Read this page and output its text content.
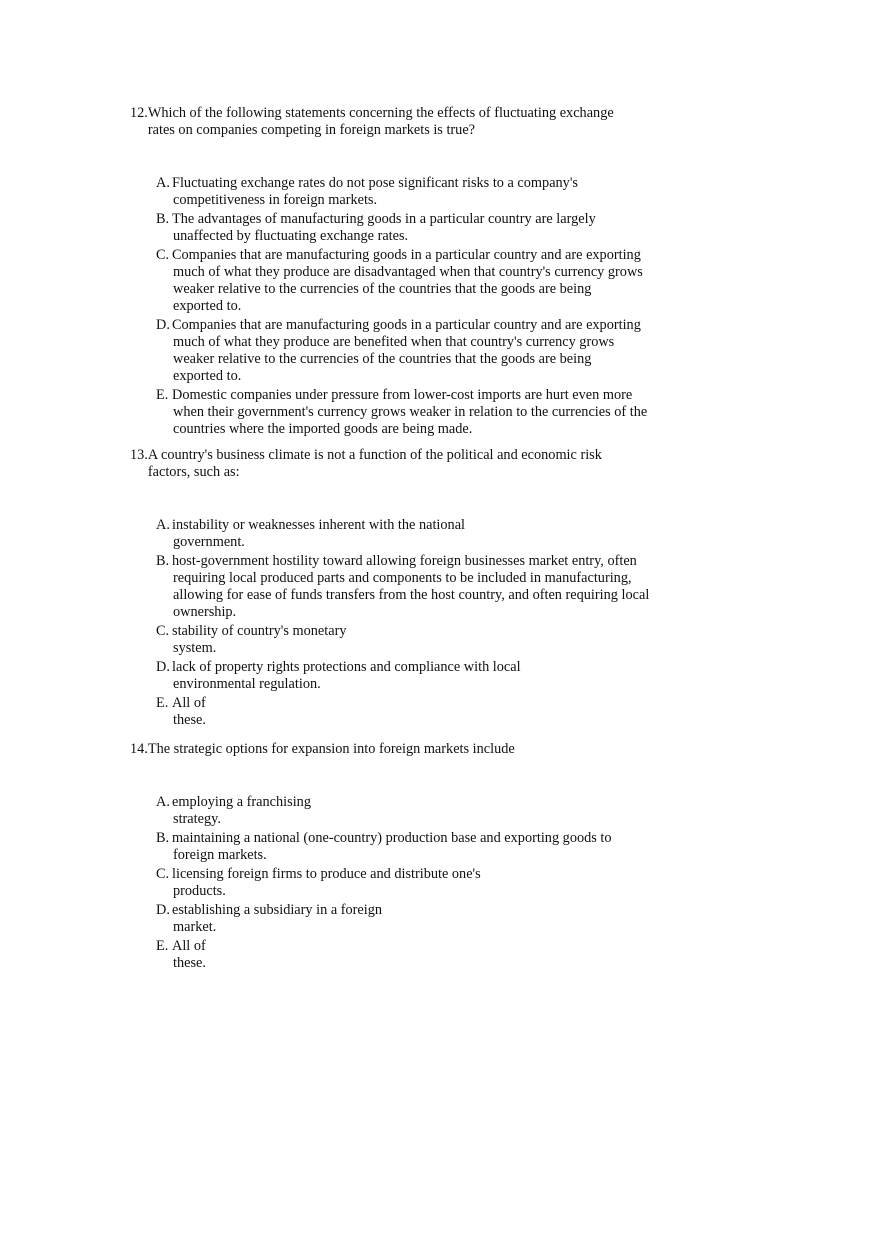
12. Which of the following statements concerning the effects of fluctuating exchange
rates on companies competing in foreign markets is true?
A. Fluctuating exchange rates do not pose significant risks to a company's
competitiveness in foreign markets.
B. The advantages of manufacturing goods in a particular country are largely
unaffected by fluctuating exchange rates.
C. Companies that are manufacturing goods in a particular country and are exporting
much of what they produce are disadvantaged when that country's currency grows
weaker relative to the currencies of the countries that the goods are being
exported to.
D. Companies that are manufacturing goods in a particular country and are exporting
much of what they produce are benefited when that country's currency grows
weaker relative to the currencies of the countries that the goods are being
exported to.
E. Domestic companies under pressure from lower-cost imports are hurt even more
when their government's currency grows weaker in relation to the currencies of the
countries where the imported goods are being made.
13. A country's business climate is not a function of the political and economic risk
factors, such as:
A. instability or weaknesses inherent with the national
government.
B. host-government hostility toward allowing foreign businesses market entry, often
requiring local produced parts and components to be included in manufacturing,
allowing for ease of funds transfers from the host country, and often requiring local
ownership.
C. stability of country's monetary
system.
D. lack of property rights protections and compliance with local
environmental regulation.
E. All of
these.
14. The strategic options for expansion into foreign markets include
A. employing a franchising
strategy.
B. maintaining a national (one-country) production base and exporting goods to
foreign markets.
C. licensing foreign firms to produce and distribute one's
products.
D. establishing a subsidiary in a foreign
market.
E. All of
these.
